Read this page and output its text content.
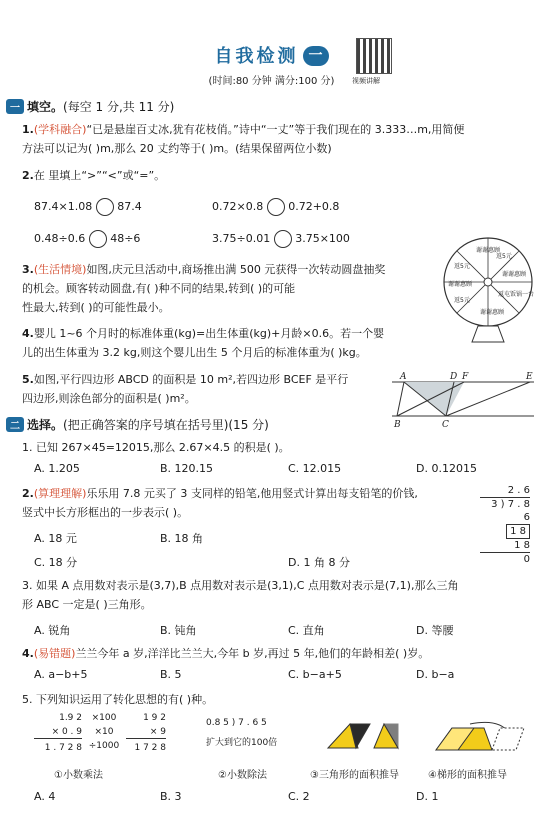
自我检测 一
视频讲解
(时间:80 分钟 满分:100 分)
一 填空。(每空 1 分,共 11 分)
1.(学科融合)“已是悬崖百丈冰,犹有花枝俏。”诗中“一丈”等于我们现在的 3.333…m,用简便
方法可以记为( )m,那么 20 丈约等于( )m。(结果保留两位小数)
2.在 里填上“>”“<”或“=”。
87.4×1.08 87.4	0.72×0.8 0.72+0.8
0.48÷0.6 48÷6	3.75÷0.01 3.75×100
3.(生活情境)如图,庆元旦活动中,商场推出满 500 元获得一次转动圆盘抽奖
的机会。顾客转动圆盘,有( )种不同的结果,转到( )的可能
性最大,转到( )的可能性最小。
谢谢惠顾
返5元
谢谢惠顾
返屯饭锅一台
谢谢惠顾
返5元
谢谢惠顾
返5元
4.婴儿 1~6 个月时的标准体重(kg)=出生体重(kg)+月龄×0.6。若一个婴
儿的出生体重为 3.2 kg,则这个婴儿出生 5 个月后的标准体重为( )kg。
5.如图,平行四边形 ABCD 的面积是 10 m²,若四边形 BCEF 是平行
四边形,则涂色部分的面积是( )m²。
A	D F	E
B	C
二 选择。(把正确答案的序号填在括号里)(15 分)
1. 已知 267×45=12015,那么 2.67×4.5 的积是( )。
A. 1.205	B. 120.15	C. 12.015	D. 0.12015
2.(算理理解)乐乐用 7.8 元买了 3 支同样的铅笔,他用竖式计算出每支铅笔的价钱,
竖式中长方形框出的一步表示( )。
A. 18 元	B. 18 角
C. 18 分	D. 1 角 8 分
2 . 6
3 ) 7 . 8
6
1 8
1 8
0
3. 如果 A 点用数对表示是(3,7),B 点用数对表示是(3,1),C 点用数对表示是(7,1),那么三角
形 ABC 一定是( )三角形。
A. 锐角	B. 钝角	C. 直角	D. 等腰
4.(易错题)兰兰今年 a 岁,洋洋比兰兰大,今年 b 岁,再过 5 年,他们的年龄相差( )岁。
A. a−b+5	B. 5	C. b−a+5	D. b−a
5. 下列知识运用了转化思想的有( )种。
1.9 2
× 0 . 9
1 . 7 2 8
×100
×10
÷1000
1 9 2
× 9
1 7 2 8
0.8 5 ) 7 . 6 5
扩大到它的100倍
①小数乘法	②小数除法	③三角形的面积推导	④梯形的面积推导
A. 4	B. 3	C. 2	D. 1
